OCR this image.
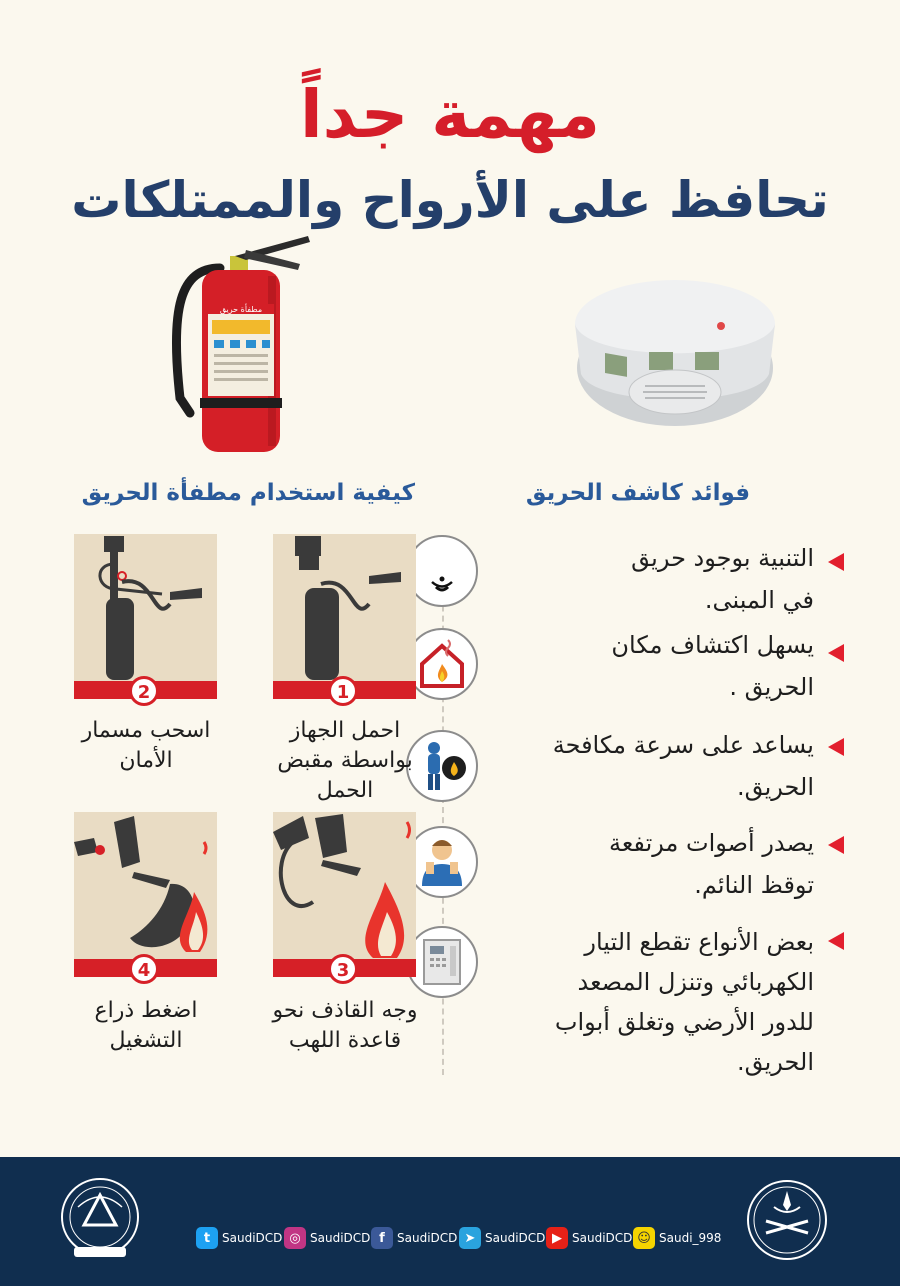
مهمة جداً
تحافظ على الأرواح والممتلكات
مطفأة حريق
فوائد كاشف الحريق
كيفية استخدام مطفأة الحريق
التنبية بوجود حريق
في المبنى.
يسهل اكتشاف مكان
الحريق .
يساعد على سرعة مكافحة
الحريق.
يصدر أصوات مرتفعة
توقظ النائم.
بعض الأنواع تقطع التيار
الكهربائي وتنزل المصعد
للدور الأرضي وتغلق أبواب
الحريق.
2	1
4	3
اسحب مسمار
الأمان
احمل الجهاز
بواسطة مقبض
الحمل
اضغط ذراع
التشغيل
وجه القاذف نحو
قاعدة اللهب
t SaudiDCD ◎ SaudiDCD f	SaudiDCD ➤ SaudiDCD ▶ SaudiDCD ☺ Saudi_998
